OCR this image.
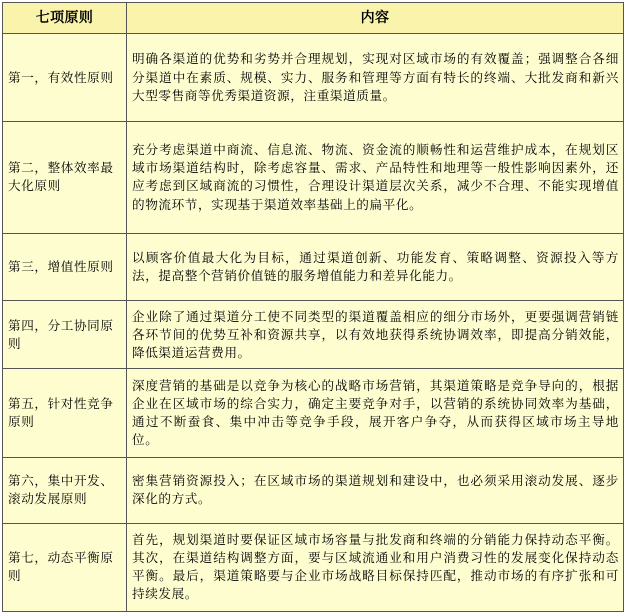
七项原则	内容
第一，有效性原则	明确各渠道的优势和劣势并合理规划，实现对区域市场的有效覆盖；强调整合各细分渠道中在素质、规模、实力、服务和管理等方面有特长的终端、大批发商和新兴大型零售商等优秀渠道资源，注重渠道质量。
第二，整体效率最大化原则	充分考虑渠道中商流、信息流、物流、资金流的顺畅性和运营维护成本，在规划区域市场渠道结构时，除考虑容量、需求、产品特性和地理等一般性影响因素外，还应考虑到区域商流的习惯性，合理设计渠道层次关系，减少不合理、不能实现增值的物流环节，实现基于渠道效率基础上的扁平化。
第三，增值性原则	以顾客价值最大化为目标，通过渠道创新、功能发育、策略调整、资源投入等方法，提高整个营销价值链的服务增值能力和差异化能力。
第四，分工协同原则	企业除了通过渠道分工使不同类型的渠道覆盖相应的细分市场外，更要强调营销链各环节间的优势互补和资源共享，以有效地获得系统协调效率，即提高分销效能，降低渠道运营费用。
第五，针对性竞争原则	深度营销的基础是以竞争为核心的战略市场营销，其渠道策略是竞争导向的，根据企业在区域市场的综合实力，确定主要竞争对手，以营销的系统协同效率为基础，通过不断蚕食、集中冲击等竞争手段，展开客户争夺，从而获得区域市场主导地位。
第六，集中开发、滚动发展原则	密集营销资源投入；在区域市场的渠道规划和建设中，也必须采用滚动发展、逐步深化的方式。
第七，动态平衡原则	首先，规划渠道时要保证区域市场容量与批发商和终端的分销能力保持动态平衡。其次，在渠道结构调整方面，要与区域流通业和用户消费习性的发展变化保持动态平衡。最后，渠道策略要与企业市场战略目标保持匹配，推动市场的有序扩张和可持续发展。
